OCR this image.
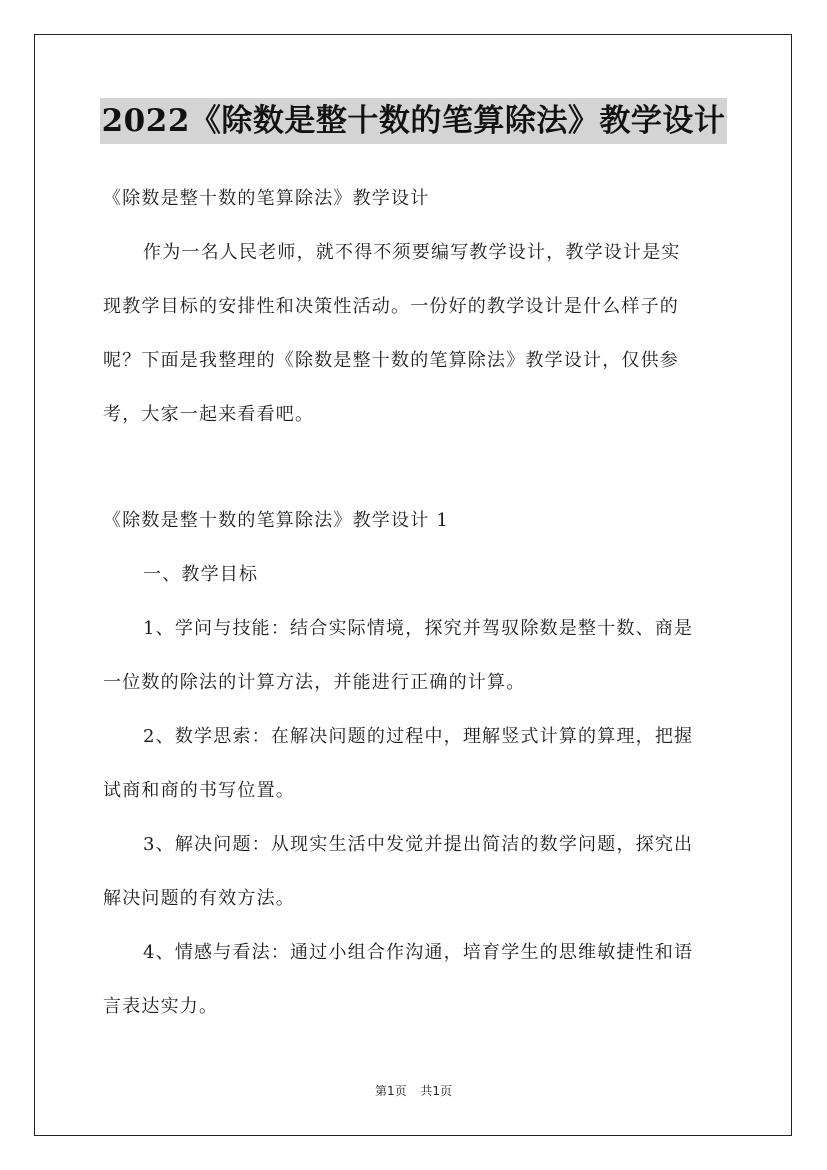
2022《除数是整十数的笔算除法》教学设计
《除数是整十数的笔算除法》教学设计
作为一名人民老师，就不得不须要编写教学设计，教学设计是实
现教学目标的安排性和决策性活动。一份好的教学设计是什么样子的
呢？下面是我整理的《除数是整十数的笔算除法》教学设计，仅供参
考，大家一起来看看吧。
《除数是整十数的笔算除法》教学设计 1
一、教学目标
1、学问与技能：结合实际情境，探究并驾驭除数是整十数、商是
一位数的除法的计算方法，并能进行正确的计算。
2、数学思索：在解决问题的过程中，理解竖式计算的算理，把握
试商和商的书写位置。
3、解决问题：从现实生活中发觉并提出简洁的数学问题，探究出
解决问题的有效方法。
4、情感与看法：通过小组合作沟通，培育学生的思维敏捷性和语
言表达实力。
第1页 共1页
